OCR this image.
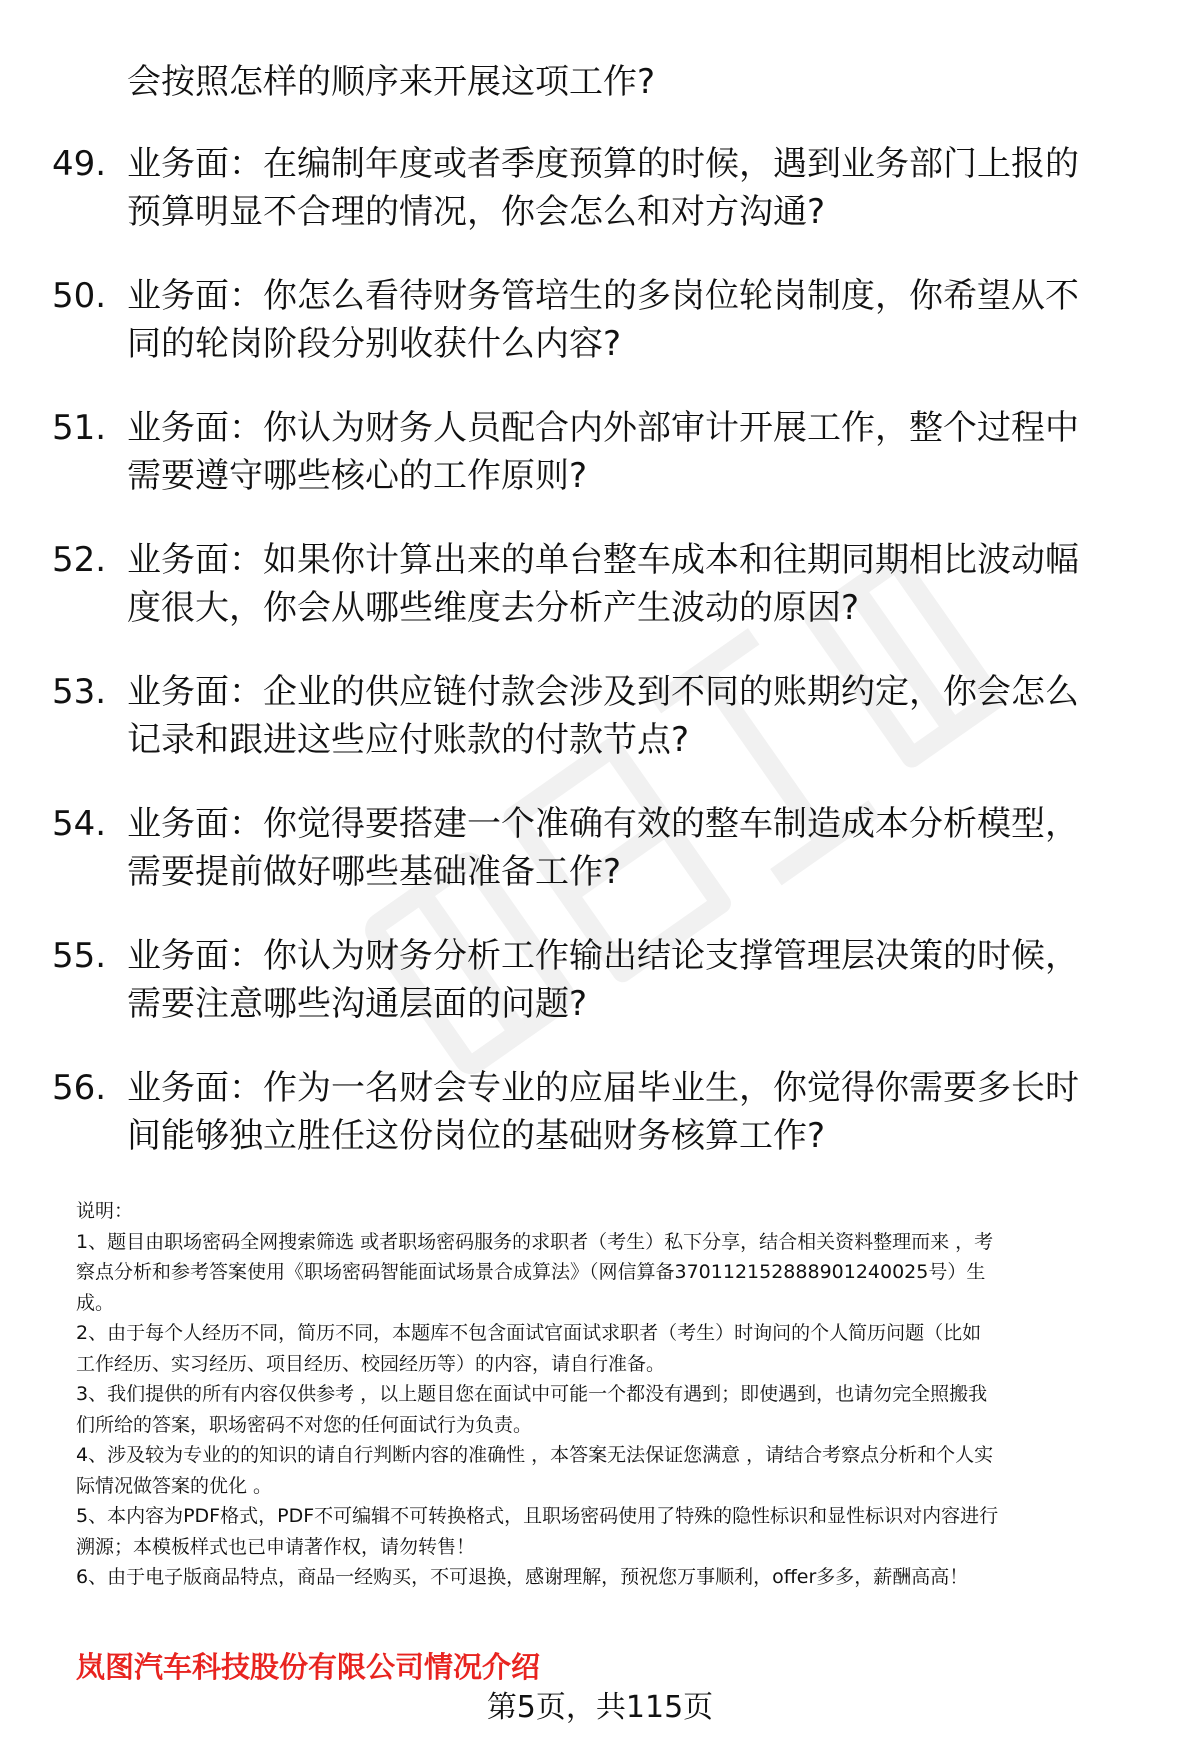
会按照怎样的顺序来开展这项工作?
49. 业务面：在编制年度或者季度预算的时候，遇到业务部门上报的
预算明显不合理的情况，你会怎么和对方沟通?
50. 业务面：你怎么看待财务管培生的多岗位轮岗制度，你希望从不
同的轮岗阶段分别收获什么内容?
51. 业务面：你认为财务人员配合内外部审计开展工作，整个过程中
需要遵守哪些核心的工作原则?
52. 业务面：如果你计算出来的单台整车成本和往期同期相比波动幅
度很大，你会从哪些维度去分析产生波动的原因?
53. 业务面：企业的供应链付款会涉及到不同的账期约定，你会怎么
记录和跟进这些应付账款的付款节点?
54. 业务面：你觉得要搭建一个准确有效的整车制造成本分析模型，
需要提前做好哪些基础准备工作?
55. 业务面：你认为财务分析工作输出结论支撑管理层决策的时候，
需要注意哪些沟通层面的问题?
56. 业务面：作为一名财会专业的应届毕业生，你觉得你需要多长时
间能够独立胜任这份岗位的基础财务核算工作?
说明：
1、题目由职场密码全网搜索筛选 或者职场密码服务的求职者（考生）私下分享，结合相关资料整理而来 ，考
察点分析和参考答案使用《职场密码智能面试场景合成算法》（网信算备370112152888901240025号）生
成。
2、由于每个人经历不同，简历不同，本题库不包含面试官面试求职者（考生）时询问的个人简历问题（比如
工作经历、实习经历、项目经历、校园经历等）的内容，请自行准备。
3、我们提供的所有内容仅供参考 ，以上题目您在面试中可能一个都没有遇到；即使遇到，也请勿完全照搬我
们所给的答案，职场密码不对您的任何面试行为负责。
4、涉及较为专业的的知识的请自行判断内容的准确性 ，本答案无法保证您满意 ，请结合考察点分析和个人实
际情况做答案的优化 。
5、本内容为PDF格式，PDF不可编辑不可转换格式，且职场密码使用了特殊的隐性标识和显性标识对内容进行
溯源；本模板样式也已申请著作权，请勿转售！
6、由于电子版商品特点，商品一经购买，不可退换，感谢理解，预祝您万事顺利，offer多多，薪酬高高！
岚图汽车科技股份有限公司情况介绍
第5页，共115页
